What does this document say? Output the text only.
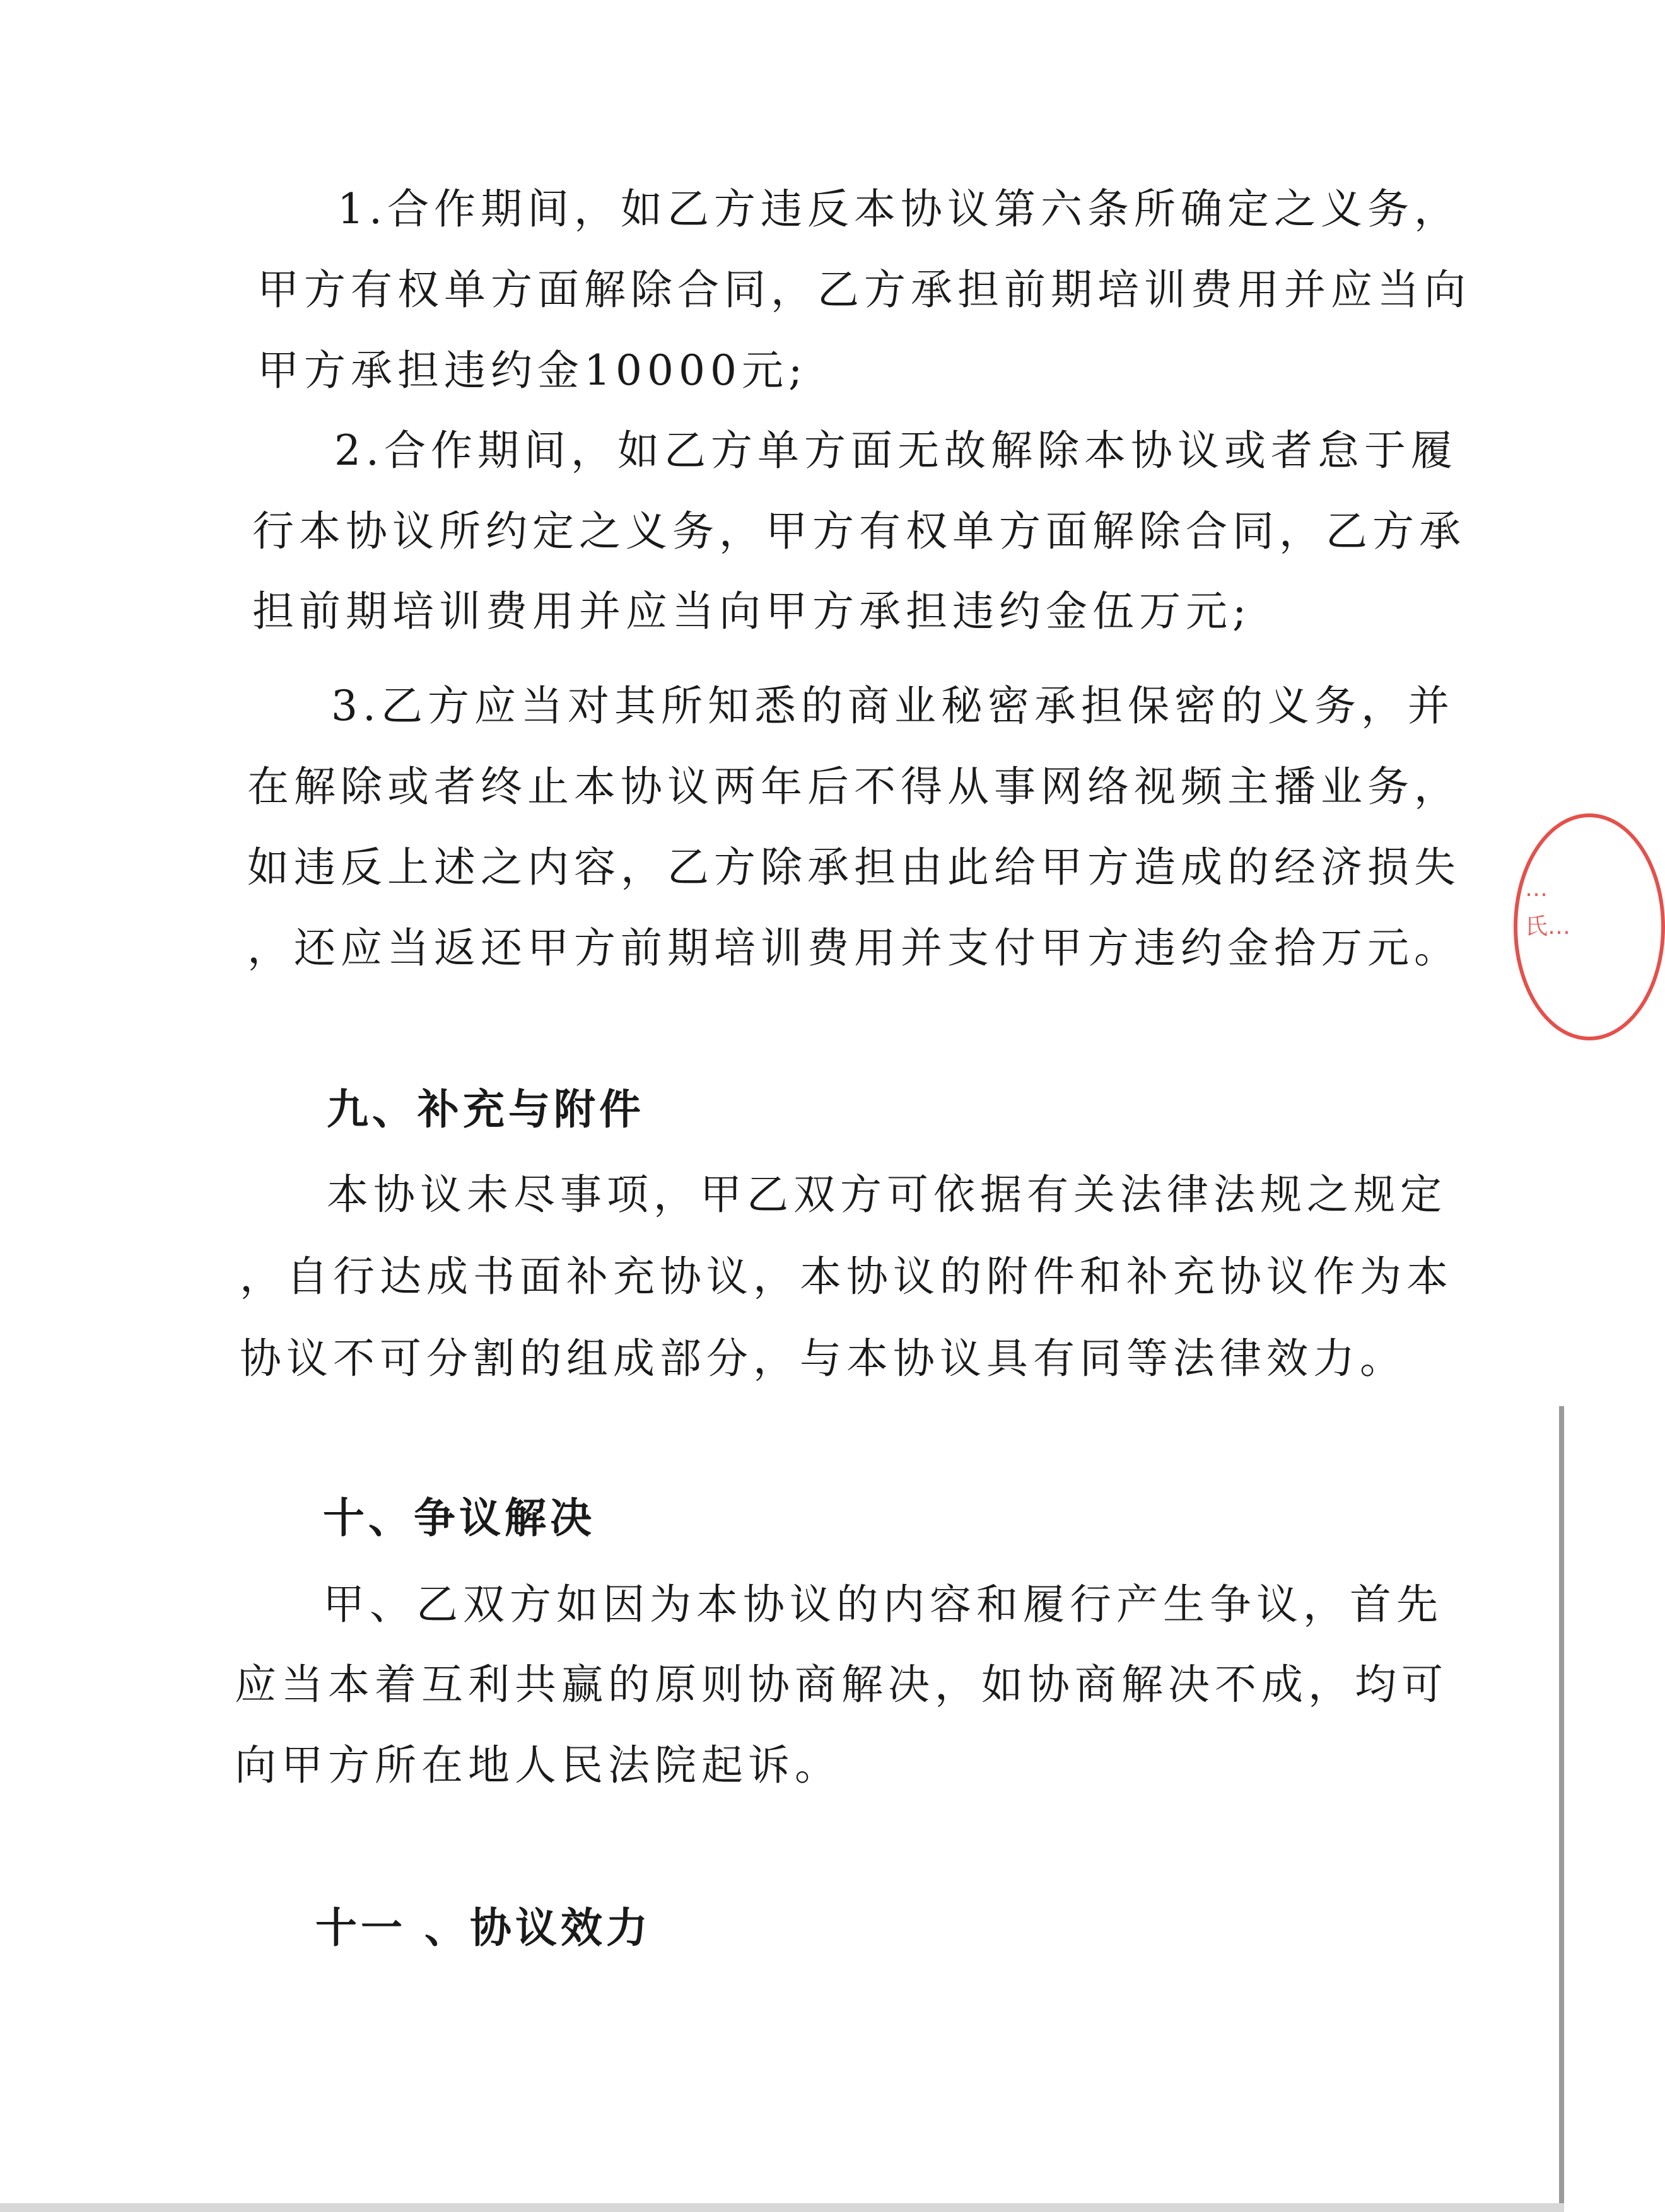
1.合作期间，如乙方违反本协议第六条所确定之义务，
甲方有权单方面解除合同，乙方承担前期培训费用并应当向
甲方承担违约金10000元;
2.合作期间，如乙方单方面无故解除本协议或者怠于履
行本协议所约定之义务，甲方有权单方面解除合同，乙方承
担前期培训费用并应当向甲方承担违约金伍万元;
3.乙方应当对其所知悉的商业秘密承担保密的义务，并
在解除或者终止本协议两年后不得从事网络视频主播业务，
如违反上述之内容，乙方除承担由此给甲方造成的经济损失
，还应当返还甲方前期培训费用并支付甲方违约金拾万元。
九、补充与附件
本协议未尽事项，甲乙双方可依据有关法律法规之规定
，自行达成书面补充协议，本协议的附件和补充协议作为本
协议不可分割的组成部分，与本协议具有同等法律效力。
十、争议解决
甲、乙双方如因为本协议的内容和履行产生争议，首先
应当本着互利共赢的原则协商解决，如协商解决不成，均可
向甲方所在地人民法院起诉。
十一 、协议效力
…氏…
